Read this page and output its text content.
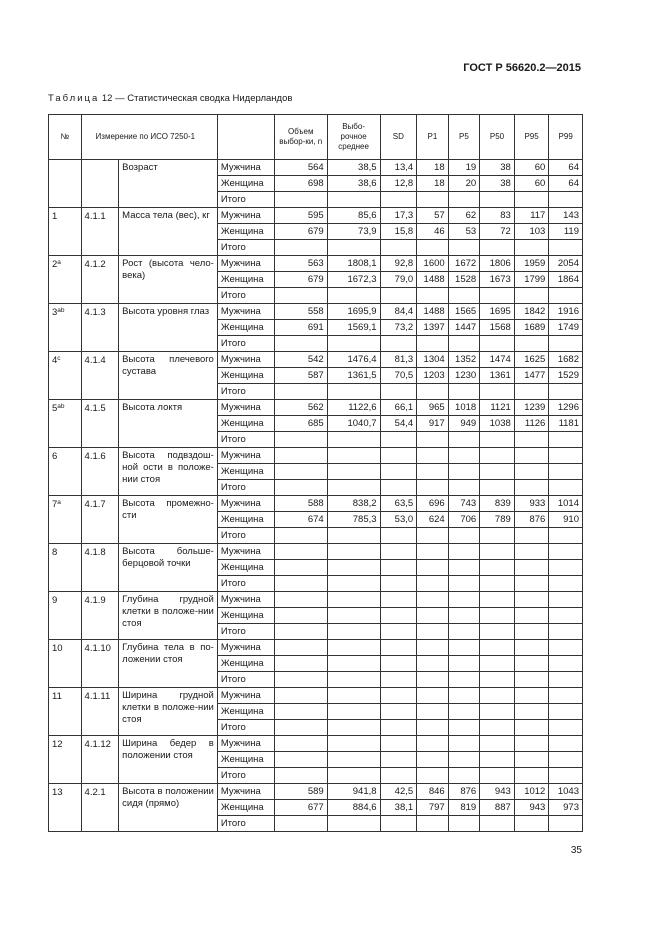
ГОСТ Р 56620.2—2015
Таблица 12 — Статистическая сводка Нидерландов
№	Измерение по ИСО 7250-1			Объем выбор-ки, n	Выбо-рочное среднее	SD	P1	P5	P50	P95	P99
		Возраст	Мужчина	564	38,5	13,4	18	19	38	60	64
			Женщина	698	38,6	12,8	18	20	38	60	64
			Итого								
1	4.1.1	Масса тела (вес), кг	Мужчина	595	85,6	17,3	57	62	83	117	143
			Женщина	679	73,9	15,8	46	53	72	103	119
			Итого								
$2^а$	4.1.2	Рост (высота чело-века)	Мужчина	563	1808,1	92,8	1600	1672	1806	1959	2054
			Женщина	679	1672,3	79,0	1488	1528	1673	1799	1864
			Итого								
$3^{ab}$	4.1.3	Высота уровня глаз	Мужчина	558	1695,9	84,4	1488	1565	1695	1842	1916
			Женщина	691	1569,1	73,2	1397	1447	1568	1689	1749
			Итого								
4$^c$	4.1.4	Высота плечевого сустава	Мужчина	542	1476,4	81,3	1304	1352	1474	1625	1682
			Женщина	587	1361,5	70,5	1203	1230	1361	1477	1529
			Итого								
$5^{ab}$	4.1.5	Высота локтя	Мужчина	562	1122,6	66,1	965	1018	1121	1239	1296
			Женщина	685	1040,7	54,4	917	949	1038	1126	1181
			Итого								
6	4.1.6	Высота подвздош-ной ости в положе-нии стоя	Мужчина								
			Женщина								
			Итого								
$7^а$	4.1.7	Высота промежно-сти	Мужчина	588	838,2	63,5	696	743	839	933	1014
			Женщина	674	785,3	53,0	624	706	789	876	910
			Итого								
8	4.1.8	Высота больше-берцовой точки	Мужчина								
			Женщина								
			Итого								
9	4.1.9	Глубина грудной клетки в положе-нии стоя	Мужчина								
			Женщина								
			Итого								
10	4.1.10	Глубина тела в по-ложении стоя	Мужчина								
			Женщина								
			Итого								
11	4.1.11	Ширина грудной клетки в положе-нии стоя	Мужчина								
			Женщина								
			Итого								
12	4.1.12	Ширина бедер в положении стоя	Мужчина								
			Женщина								
			Итого								
13	4.2.1	Высота в положении сидя (прямо)	Мужчина	589	941,8	42,5	846	876	943	1012	1043
			Женщина	677	884,6	38,1	797	819	887	943	973
			Итого								
35
